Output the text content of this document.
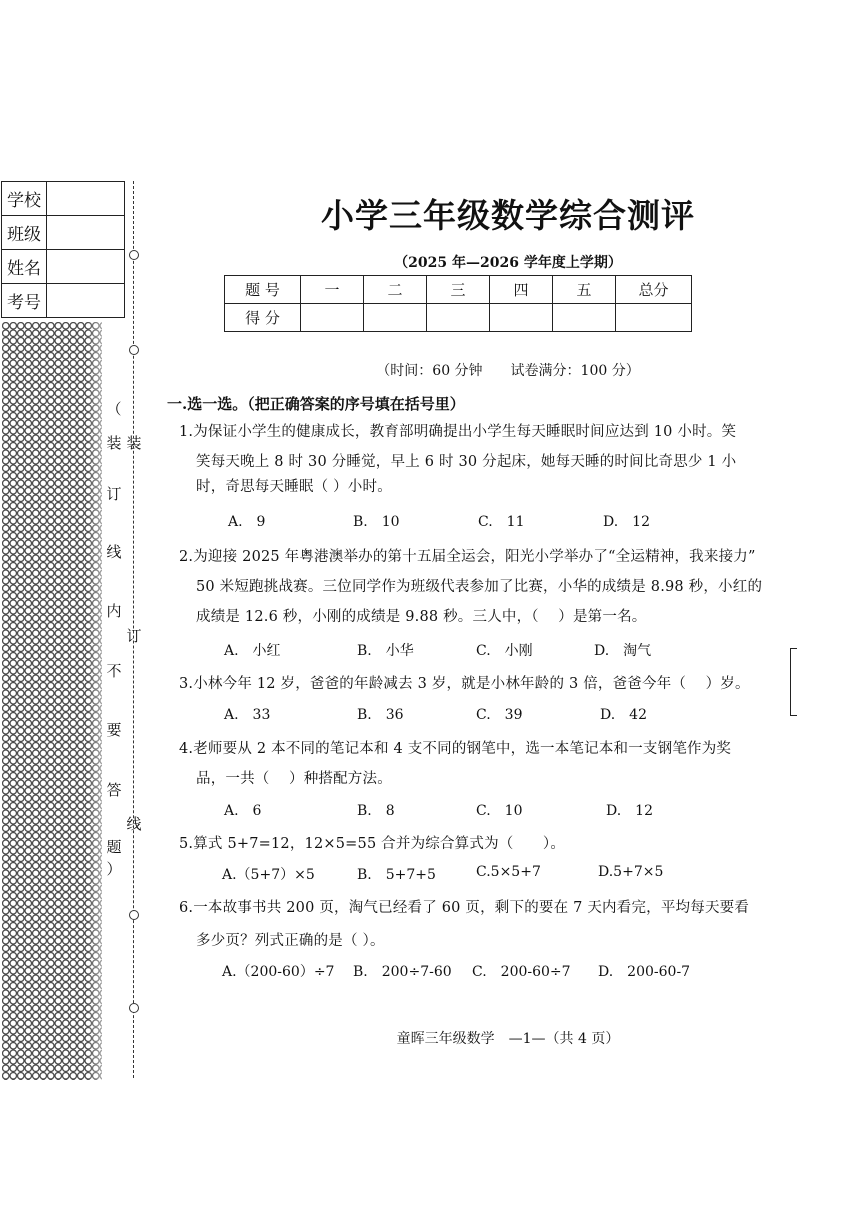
学校	
班级	
姓名	
考号	
（
装
订
线
内
不
要
答
题
）
装
订
线
小学三年级数学综合测评
（2025 年—2026 学年度上学期）
题 号	一	二	三	四	五	总分
得 分						
（时间：60 分钟　　试卷满分：100 分）
一.选一选。（把正确答案的序号填在括号里）
1.为保证小学生的健康成长，教育部明确提出小学生每天睡眠时间应达到 10 小时。笑
笑每天晚上 8 时 30 分睡觉，早上 6 时 30 分起床，她每天睡的时间比奇思少 1 小
时，奇思每天睡眠（ ）小时。
A.　9	B.　10	C.　11	D.　12
2.为迎接 2025 年粤港澳举办的第十五届全运会，阳光小学举办了“全运精神，我来接力”
50 米短跑挑战赛。三位同学作为班级代表参加了比赛，小华的成绩是 8.98 秒，小红的
成绩是 12.6 秒，小刚的成绩是 9.88 秒。三人中，（　 ）是第一名。
A.　小红	B.　小华	C.　小刚	D.　淘气
3.小林今年 12 岁，爸爸的年龄减去 3 岁，就是小林年龄的 3 倍，爸爸今年（　 ）岁。
A.　33	B.　36	C.　39	D.　42
4.老师要从 2 本不同的笔记本和 4 支不同的钢笔中，选一本笔记本和一支钢笔作为奖
品，一共（　 ）种搭配方法。
A.　6	B.　8	C.　10	D.　12
5.算式 5+7=12，12×5=55 合并为综合算式为（　　）。
A.（5+7）×5	B.　5+7+5	C.5×5+7	D.5+7×5
6.一本故事书共 200 页，淘气已经看了 60 页，剩下的要在 7 天内看完，平均每天要看
多少页？列式正确的是（ ）。
A.（200-60）÷7 B.　200÷7-60 C.　200-60÷7 D.　200-60-7
童晖三年级数学　—1—（共 4 页）
